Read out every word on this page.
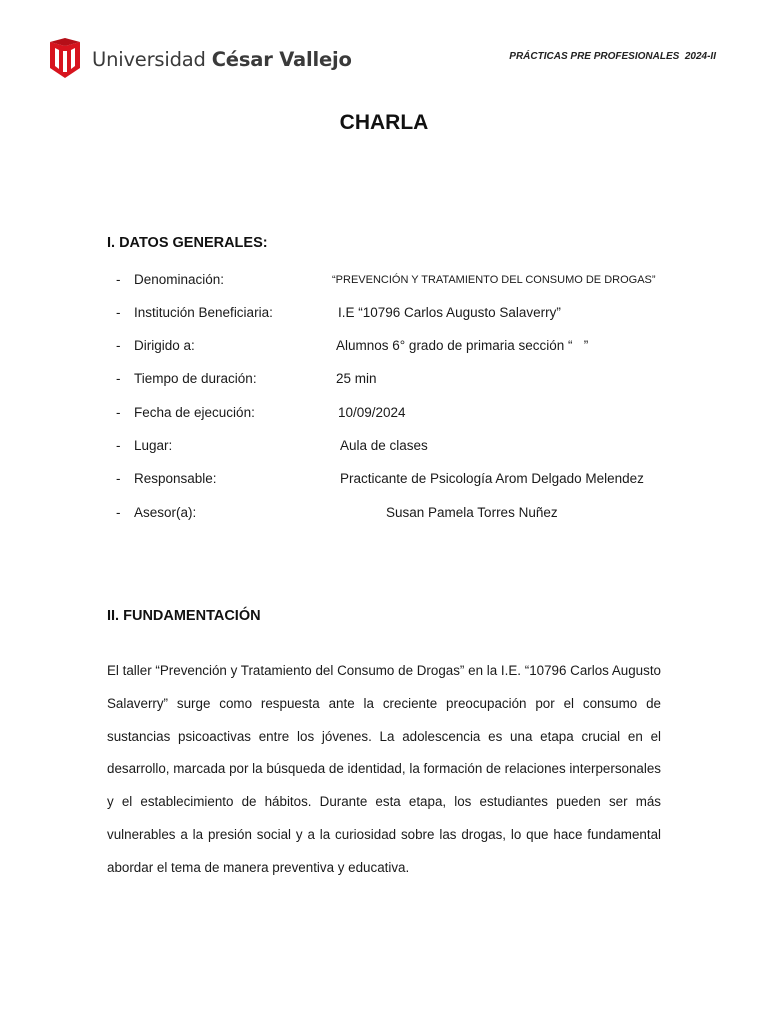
Universidad César Vallejo	PRÁCTICAS PRE PROFESIONALES  2024-II
CHARLA
I. DATOS GENERALES:
- Denominación:	“PREVENCIÓN Y TRATAMIENTO DEL CONSUMO DE DROGAS”
- Institución Beneficiaria:	I.E “10796 Carlos Augusto Salaverry”
- Dirigido a:	Alumnos 6° grado de primaria sección “   ”
- Tiempo de duración:	25 min
- Fecha de ejecución:	10/09/2024
- Lugar:	Aula de clases
- Responsable:	Practicante de Psicología Arom Delgado Melendez
- Asesor(a):	Susan Pamela Torres Nuñez
II. FUNDAMENTACIÓN
El taller “Prevención y Tratamiento del Consumo de Drogas” en la I.E. “10796 Carlos Augusto Salaverry” surge como respuesta ante la creciente preocupación por el consumo de sustancias psicoactivas entre los jóvenes. La adolescencia es una etapa crucial en el desarrollo, marcada por la búsqueda de identidad, la formación de relaciones interpersonales y el establecimiento de hábitos. Durante esta etapa, los estudiantes pueden ser más vulnerables a la presión social y a la curiosidad sobre las drogas, lo que hace fundamental abordar el tema de manera preventiva y educativa.
